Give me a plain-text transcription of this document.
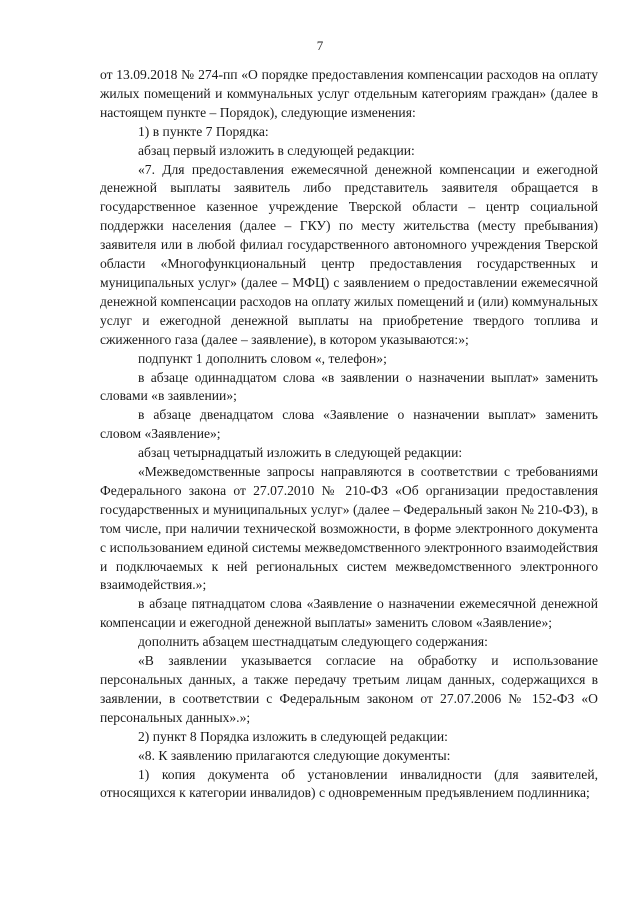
7

от 13.09.2018 № 274-пп «О порядке предоставления компенсации расходов на оплату жилых помещений и коммунальных услуг отдельным категориям граждан» (далее в настоящем пункте – Порядок), следующие изменения:

1) в пункте 7 Порядка:

абзац первый изложить в следующей редакции:

«7. Для предоставления ежемесячной денежной компенсации и ежегодной денежной выплаты заявитель либо представитель заявителя обращается в государственное казенное учреждение Тверской области – центр социальной поддержки населения (далее – ГКУ) по месту жительства (месту пребывания) заявителя или в любой филиал государственного автономного учреждения Тверской области «Многофункциональный центр предоставления государственных и муниципальных услуг» (далее – МФЦ) с заявлением о предоставлении ежемесячной денежной компенсации расходов на оплату жилых помещений и (или) коммунальных услуг и ежегодной денежной выплаты на приобретение твердого топлива и сжиженного газа (далее – заявление), в котором указываются:»;

подпункт 1 дополнить словом «, телефон»;

в абзаце одиннадцатом слова «в заявлении о назначении выплат» заменить словами «в заявлении»;

в абзаце двенадцатом слова «Заявление о назначении выплат» заменить словом «Заявление»;

абзац четырнадцатый изложить в следующей редакции:

«Межведомственные запросы направляются в соответствии с требованиями Федерального закона от 27.07.2010 № 210-ФЗ «Об организации предоставления государственных и муниципальных услуг» (далее – Федеральный закон № 210-ФЗ), в том числе, при наличии технической возможности, в форме электронного документа с использованием единой системы межведомственного электронного взаимодействия и подключаемых к ней региональных систем межведомственного электронного взаимодействия.»;

в абзаце пятнадцатом слова «Заявление о назначении ежемесячной денежной компенсации и ежегодной денежной выплаты» заменить словом «Заявление»;

дополнить абзацем шестнадцатым следующего содержания:

«В заявлении указывается согласие на обработку и использование персональных данных, а также передачу третьим лицам данных, содержащихся в заявлении, в соответствии с Федеральным законом от 27.07.2006 № 152-ФЗ «О персональных данных».»;

2) пункт 8 Порядка изложить в следующей редакции:

«8. К заявлению прилагаются следующие документы:

1) копия документа об установлении инвалидности (для заявителей, относящихся к категории инвалидов) с одновременным предъявлением подлинника;
